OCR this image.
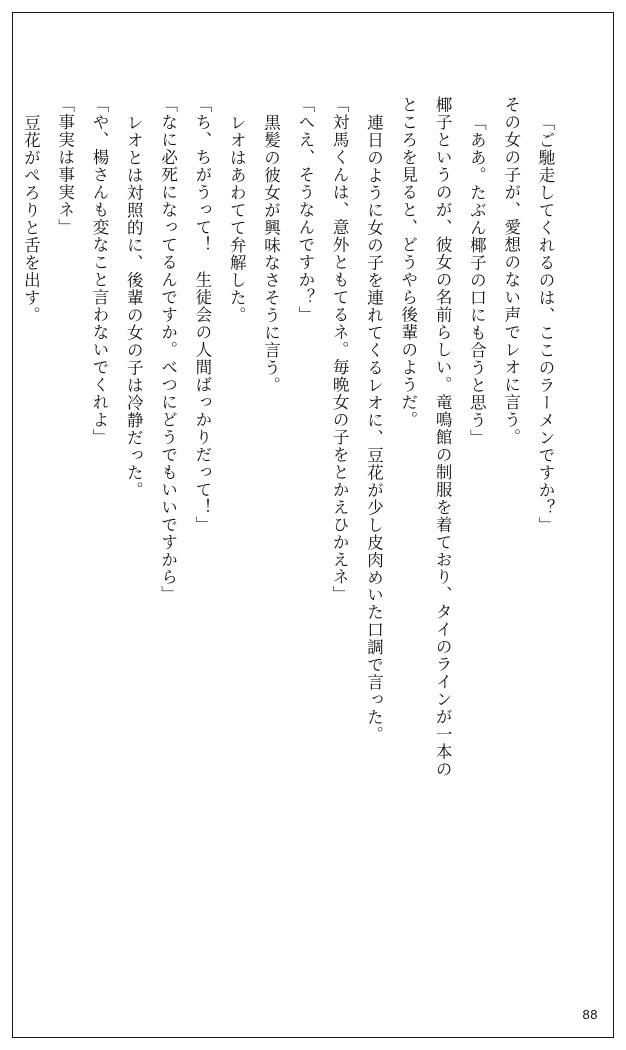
「ご馳走してくれるのは、ここのラーメンですか？」
その女の子が、愛想のない声でレオに言う。
「ああ。たぶん椰子の口にも合うと思う」
椰子というのが、彼女の名前らしい。竜鳴館の制服を着ており、タイのラインが一本の
ところを見ると、どうやら後輩のようだ。
連日のように女の子を連れてくるレオに、豆花が少し皮肉めいた口調で言った。
「対馬くんは、意外ともてるネ。毎晩女の子をとかえひかえネ」
「へえ、そうなんですか？」
黒髪の彼女が興味なさそうに言う。
レオはあわてて弁解した。
「ち、ちがうって！　生徒会の人間ばっかりだって！」
「なに必死になってるんですか。べつにどうでもいいですから」
レオとは対照的に、後輩の女の子は冷静だった。
「や、楊さんも変なこと言わないでくれよ」
「事実は事実ネ」
豆花がぺろりと舌を出す。
88
